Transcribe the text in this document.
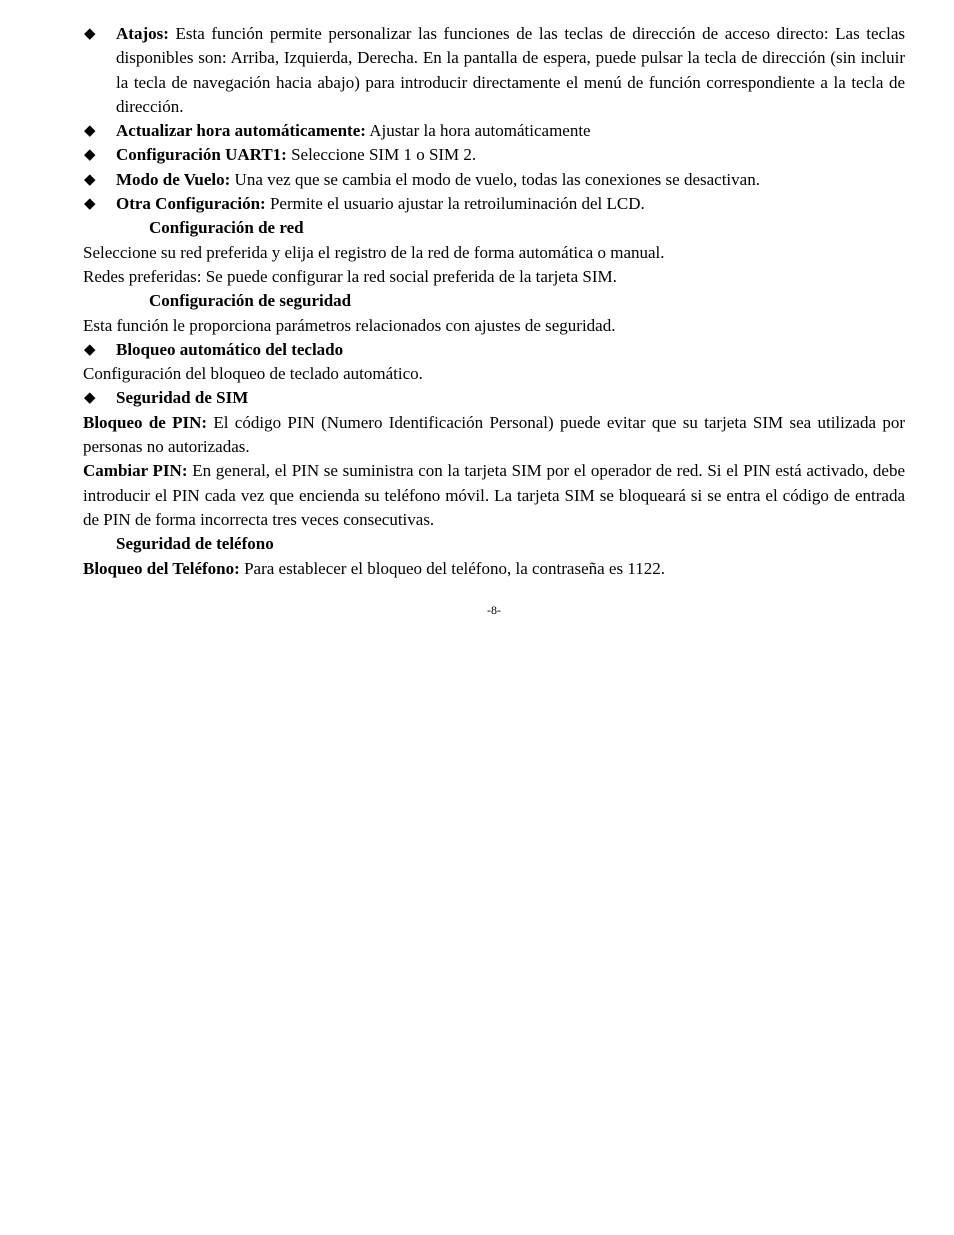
◆	Atajos: Esta función permite personalizar las funciones de las teclas de dirección de acceso directo: Las teclas disponibles son: Arriba, Izquierda, Derecha. En la pantalla de espera, puede pulsar la tecla de dirección (sin incluir la tecla de navegación hacia abajo) para introducir directamente el menú de función correspondiente a la tecla de dirección.
◆	Actualizar hora automáticamente: Ajustar la hora automáticamente
◆	Configuración UART1: Seleccione SIM 1 o SIM 2.
◆	Modo de Vuelo: Una vez que se cambia el modo de vuelo, todas las conexiones se desactivan.
◆	Otra Configuración: Permite el usuario ajustar la retroiluminación del LCD.
Configuración de red

Seleccione su red preferida y elija el registro de la red de forma automática o manual.

Redes preferidas: Se puede configurar la red social preferida de la tarjeta SIM.

Configuración de seguridad

Esta función le proporciona parámetros relacionados con ajustes de seguridad.

◆	Bloqueo automático del teclado

Configuración del bloqueo de teclado automático.

◆	Seguridad de SIM

Bloqueo de PIN: El código PIN (Numero Identificación Personal) puede evitar que su tarjeta SIM sea utilizada por personas no autorizadas.

Cambiar PIN: En general, el PIN se suministra con la tarjeta SIM por el operador de red. Si el PIN está activado, debe introducir el PIN cada vez que encienda su teléfono móvil. La tarjeta SIM se bloqueará si se entra el código de entrada de PIN de forma incorrecta tres veces consecutivas.

Seguridad de teléfono

Bloqueo del Teléfono: Para establecer el bloqueo del teléfono, la contraseña es 1122.

-8-
